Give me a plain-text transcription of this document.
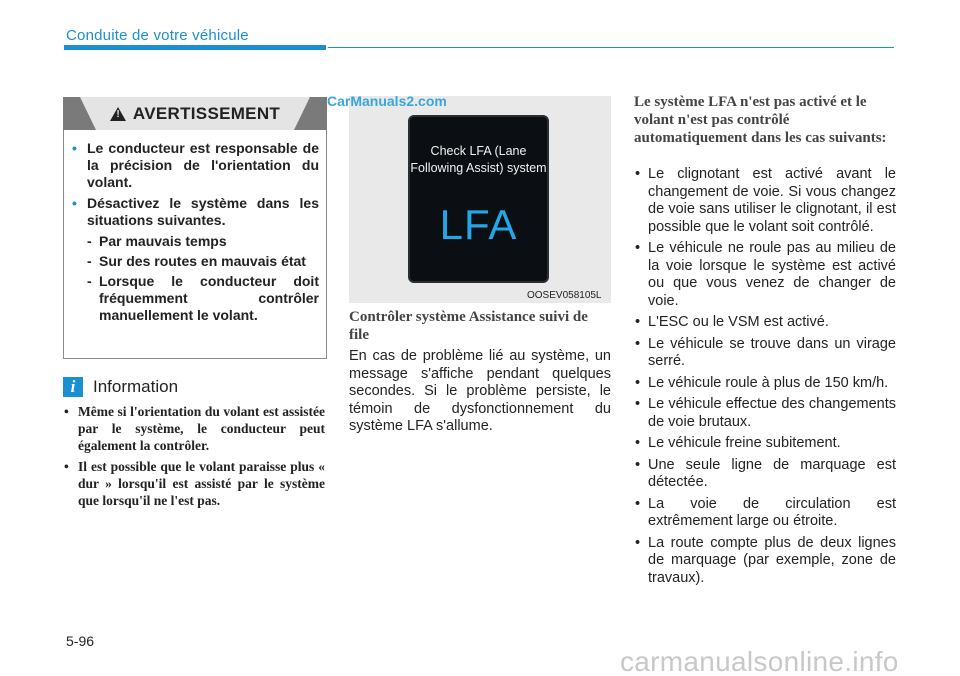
Conduite de votre véhicule
! AVERTISSEMENT
• Le conducteur est responsable de la précision de l'orientation du volant.
• Désactivez le système dans les situations suivantes.
- Par mauvais temps
- Sur des routes en mauvais état
- Lorsque le conducteur doit fréquemment contrôler manuellement le volant.
i	Information
• Même si l'orientation du volant est assistée par le système, le conducteur peut également la contrôler.
• Il est possible que le volant paraisse plus « dur » lorsqu'il est assisté par le système que lorsqu'il ne l'est pas.
CarManuals2.com
Check LFA (Lane Following Assist) system
LFA
OOSEV058105L
Contrôler système Assistance suivi de file
En cas de problème lié au système, un message s'affiche pendant quelques secondes. Si le problème persiste, le témoin de dysfonctionnement du système LFA s'allume.
Le système LFA n'est pas activé et le volant n'est pas contrôlé automatiquement dans les cas suivants:
• Le clignotant est activé avant le changement de voie. Si vous changez de voie sans utiliser le clignotant, il est possible que le volant soit contrôlé.
• Le véhicule ne roule pas au milieu de la voie lorsque le système est activé ou que vous venez de changer de voie.
• L'ESC ou le VSM est activé.
• Le véhicule se trouve dans un virage serré.
• Le véhicule roule à plus de 150 km/h.
• Le véhicule effectue des changements de voie brutaux.
• Le véhicule freine subitement.
• Une seule ligne de marquage est détectée.
• La voie de circulation est extrêmement large ou étroite.
• La route compte plus de deux lignes de marquage (par exemple, zone de travaux).
5-96
carmanualsonline.info
